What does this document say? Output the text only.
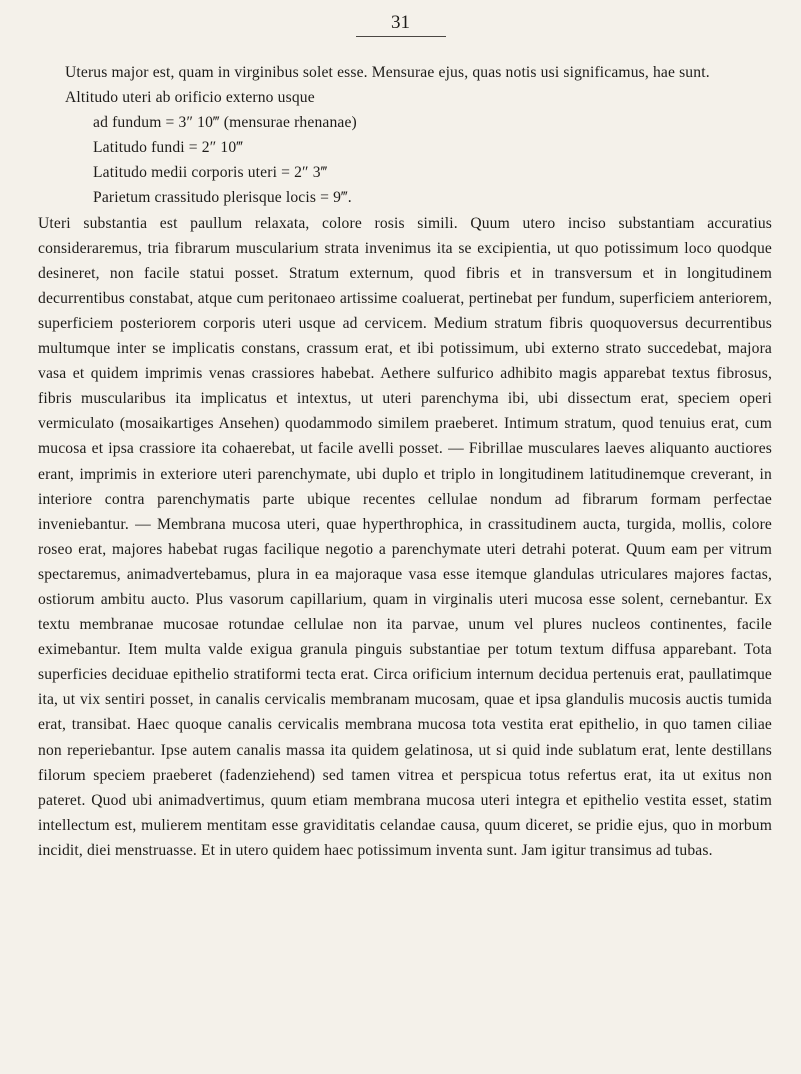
31

Uterus major est, quam in virginibus solet esse. Mensurae ejus, quas notis usi significamus, hae sunt.

Altitudo uteri ab orificio externo usque
ad fundum = 3″ 10‴ (mensurae rhenanae)
Latitudo fundi = 2″ 10‴
Latitudo medii corporis uteri = 2″ 3‴
Parietum crassitudo plerisque locis = 9‴.

Uteri substantia est paullum relaxata, colore rosis simili. Quum utero inciso substantiam accuratius consideraremus, tria fibrarum muscularium strata invenimus ita se excipientia, ut quo potissimum loco quodque desineret, non facile statui posset. Stratum externum, quod fibris et in transversum et in longitudinem decurrentibus constabat, atque cum peritonaeo artissime coaluerat, pertinebat per fundum, superficiem anteriorem, superficiem posteriorem corporis uteri usque ad cervicem. Medium stratum fibris quoquoversus decurrentibus multumque inter se implicatis constans, crassum erat, et ibi potissimum, ubi externo strato succedebat, majora vasa et quidem imprimis venas crassiores habebat. Aethere sulfurico adhibito magis apparebat textus fibrosus, fibris muscularibus ita implicatus et intextus, ut uteri parenchyma ibi, ubi dissectum erat, speciem operi vermiculato (mosaikartiges Ansehen) quodammodo similem praeberet. Intimum stratum, quod tenuius erat, cum mucosa et ipsa crassiore ita cohaerebat, ut facile avelli posset. — Fibrillae musculares laeves aliquanto auctiores erant, imprimis in exteriore uteri parenchymate, ubi duplo et triplo in longitudinem latitudinemque creverant, in interiore contra parenchymatis parte ubique recentes cellulae nondum ad fibrarum formam perfectae inveniebantur. — Membrana mucosa uteri, quae hyperthrophica, in crassitudinem aucta, turgida, mollis, colore roseo erat, majores habebat rugas facilique negotio a parenchymate uteri detrahi poterat. Quum eam per vitrum spectaremus, animadvertebamus, plura in ea majoraque vasa esse itemque glandulas utriculares majores factas, ostiorum ambitu aucto. Plus vasorum capillarium, quam in virginalis uteri mucosa esse solent, cernebantur. Ex textu membranae mucosae rotundae cellulae non ita parvae, unum vel plures nucleos continentes, facile eximebantur. Item multa valde exigua granula pinguis substantiae per totum textum diffusa apparebant. Tota superficies deciduae epithelio stratiformi tecta erat. Circa orificium internum decidua pertenuis erat, paullatimque ita, ut vix sentiri posset, in canalis cervicalis membranam mucosam, quae et ipsa glandulis mucosis auctis tumida erat, transibat. Haec quoque canalis cervicalis membrana mucosa tota vestita erat epithelio, in quo tamen ciliae non reperiebantur. Ipse autem canalis massa ita quidem gelatinosa, ut si quid inde sublatum erat, lente destillans filorum speciem praeberet (fadenziehend) sed tamen vitrea et perspicua totus refertus erat, ita ut exitus non pateret. Quod ubi animadvertimus, quum etiam membrana mucosa uteri integra et epithelio vestita esset, statim intellectum est, mulierem mentitam esse graviditatis celandae causa, quum diceret, se pridie ejus, quo in morbum incidit, diei menstruasse. Et in utero quidem haec potissimum inventa sunt. Jam igitur transimus ad tubas.
